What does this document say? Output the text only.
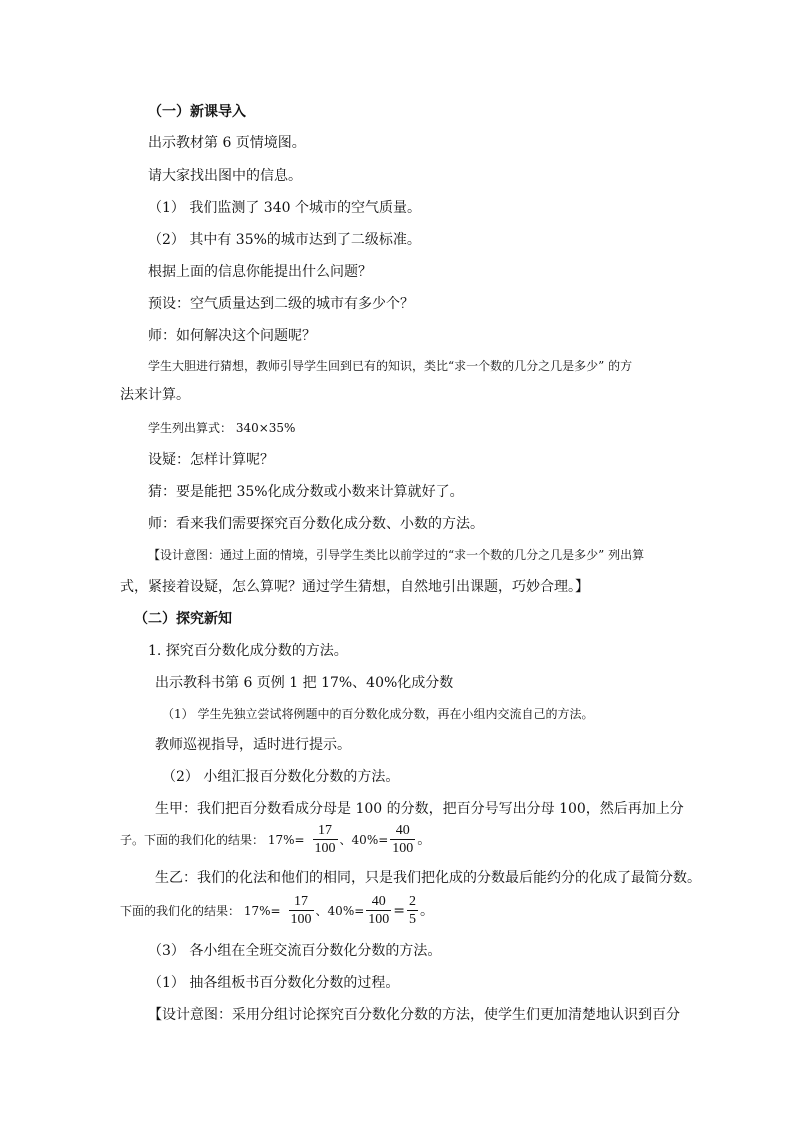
（一）新课导入
出示教材第 6 页情境图。
请大家找出图中的信息。
（1） 我们监测了 340 个城市的空气质量。
（2） 其中有 35%的城市达到了二级标准。
根据上面的信息你能提出什么问题？
预设：空气质量达到二级的城市有多少个？
师：如何解决这个问题呢？
学生大胆进行猜想，教师引导学生回到已有的知识，类比“求一个数的几分之几是多少” 的方
法来计算。
学生列出算式： 340×35%
设疑：怎样计算呢？
猜：要是能把 35%化成分数或小数来计算就好了。
师：看来我们需要探究百分数化成分数、小数的方法。
【设计意图：通过上面的情境，引导学生类比以前学过的“求一个数的几分之几是多少” 列出算
式，紧接着设疑，怎么算呢？通过学生猜想，自然地引出课题，巧妙合理。】
（二）探究新知
1. 探究百分数化成分数的方法。
出示教科书第 6 页例 1 把 17%、40%化成分数
（1） 学生先独立尝试将例题中的百分数化成分数，再在小组内交流自己的方法。
教师巡视指导，适时进行提示。
（2） 小组汇报百分数化分数的方法。
生甲：我们把百分数看成分母是 100 的分数，把百分号写出分母 100，然后再加上分
子。下面的我们化的结果： $17\%= \frac{17}{100}$ 、$40\%= \frac{40}{100}$ 。
生乙：我们的化法和他们的相同，只是我们把化成的分数最后能约分的化成了最简分数。
下面的我们化的结果： $17\%= \frac{17}{100}$ 、$40\%= \frac{40}{100} = \frac{2}{5}$ 。
（3） 各小组在全班交流百分数化分数的方法。
（1） 抽各组板书百分数化分数的过程。
【设计意图：采用分组讨论探究百分数化分数的方法，使学生们更加清楚地认识到百分
